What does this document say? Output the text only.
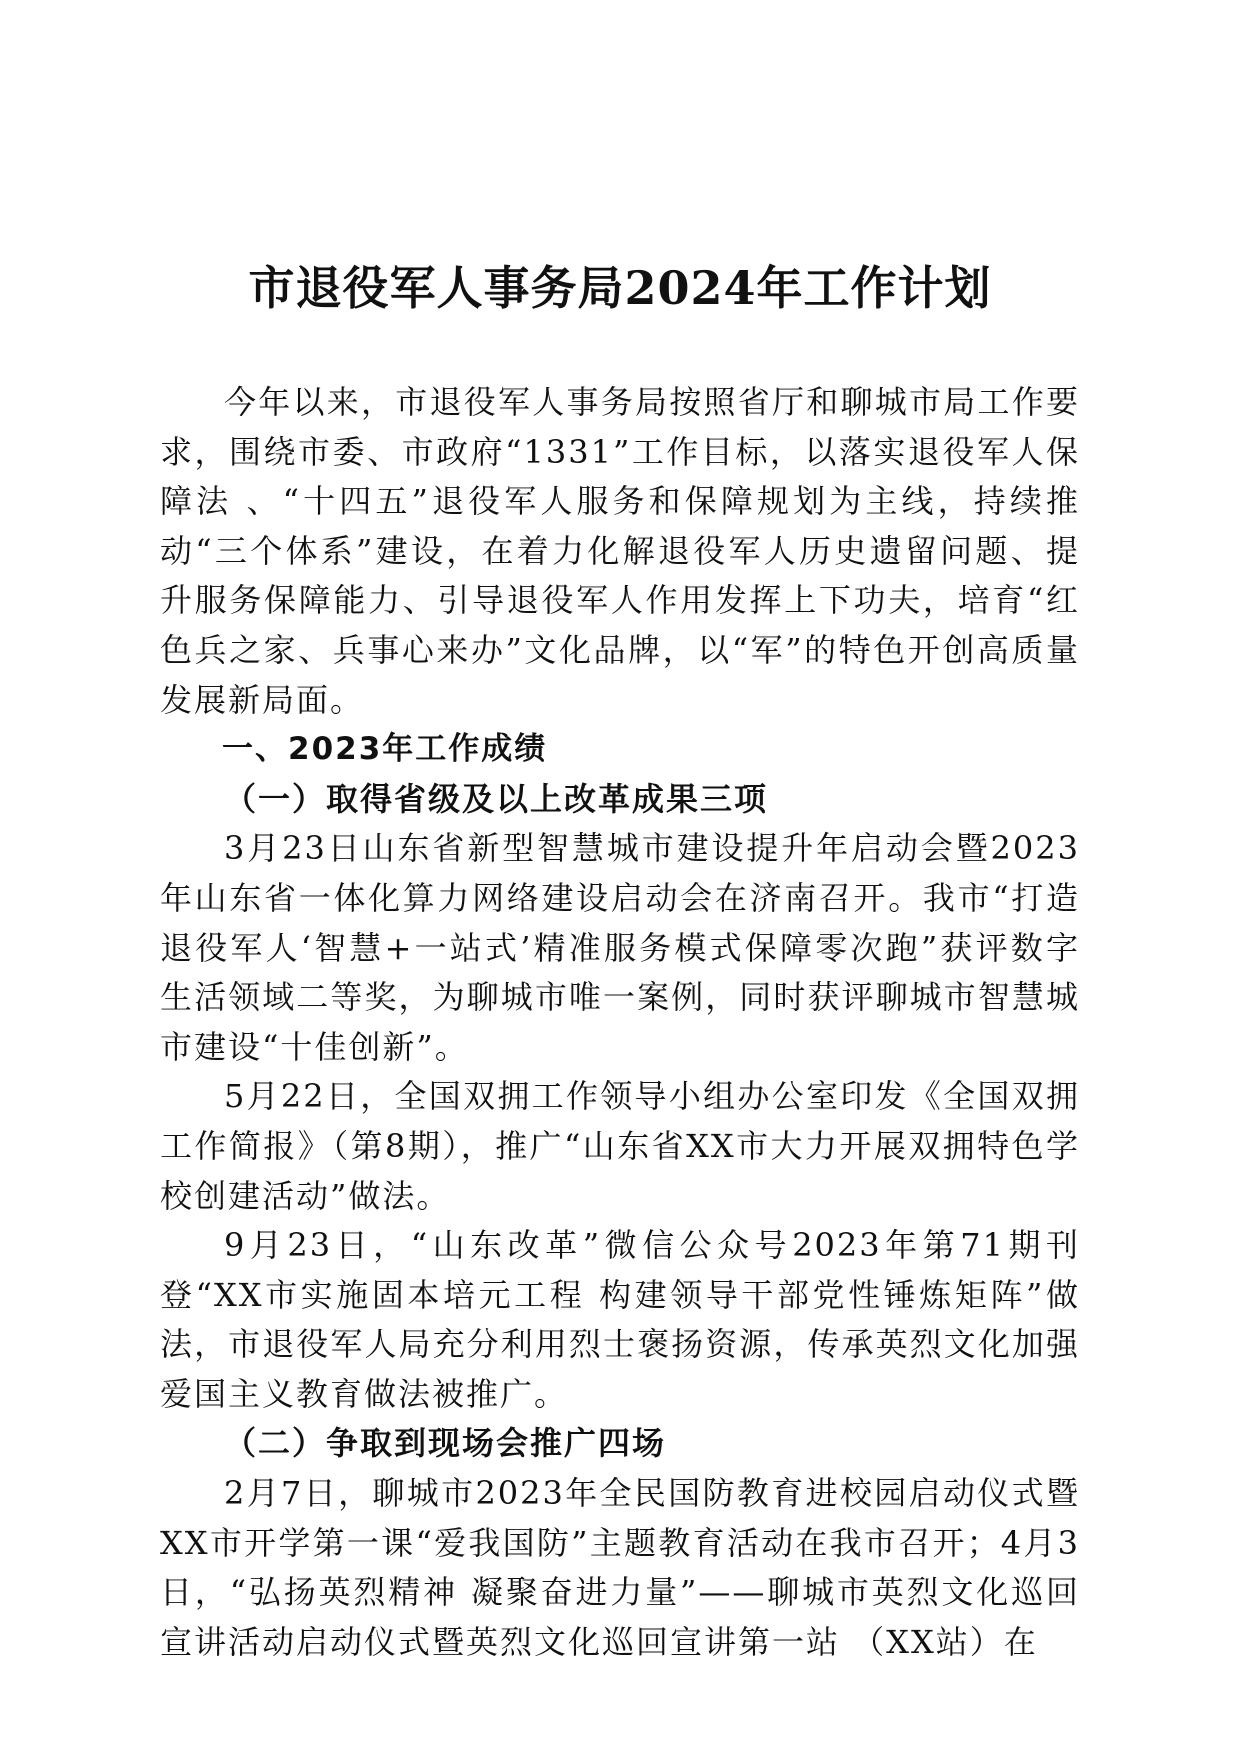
市退役军人事务局2024年工作计划

今年以来，市退役军人事务局按照省厅和聊城市局工作要求，围绕市委、市政府“1331”工作目标，以落实退役军人保障法 、“十四五”退役军人服务和保障规划为主线，持续推动“三个体系”建设，在着力化解退役军人历史遗留问题、提升服务保障能力、引导退役军人作用发挥上下功夫，培育“红色兵之家、兵事心来办”文化品牌，以“军”的特色开创高质量发展新局面。

一、2023年工作成绩

（一）取得省级及以上改革成果三项

3月23日山东省新型智慧城市建设提升年启动会暨2023年山东省一体化算力网络建设启动会在济南召开。我市“打造退役军人‘智慧+一站式’精准服务模式保障零次跑”获评数字生活领域二等奖，为聊城市唯一案例，同时获评聊城市智慧城市建设“十佳创新”。

5月22日，全国双拥工作领导小组办公室印发《全国双拥工作简报》（第8期），推广“山东省XX市大力开展双拥特色学校创建活动”做法。

9月23日，“山东改革”微信公众号2023年第71期刊登“XX市实施固本培元工程 构建领导干部党性锤炼矩阵”做法，市退役军人局充分利用烈士褒扬资源，传承英烈文化加强爱国主义教育做法被推广。

（二）争取到现场会推广四场

2月7日，聊城市2023年全民国防教育进校园启动仪式暨XX市开学第一课“爱我国防”主题教育活动在我市召开；4月3日，“弘扬英烈精神 凝聚奋进力量”——聊城市英烈文化巡回宣讲活动启动仪式暨英烈文化巡回宣讲第一站 （XX站）在
